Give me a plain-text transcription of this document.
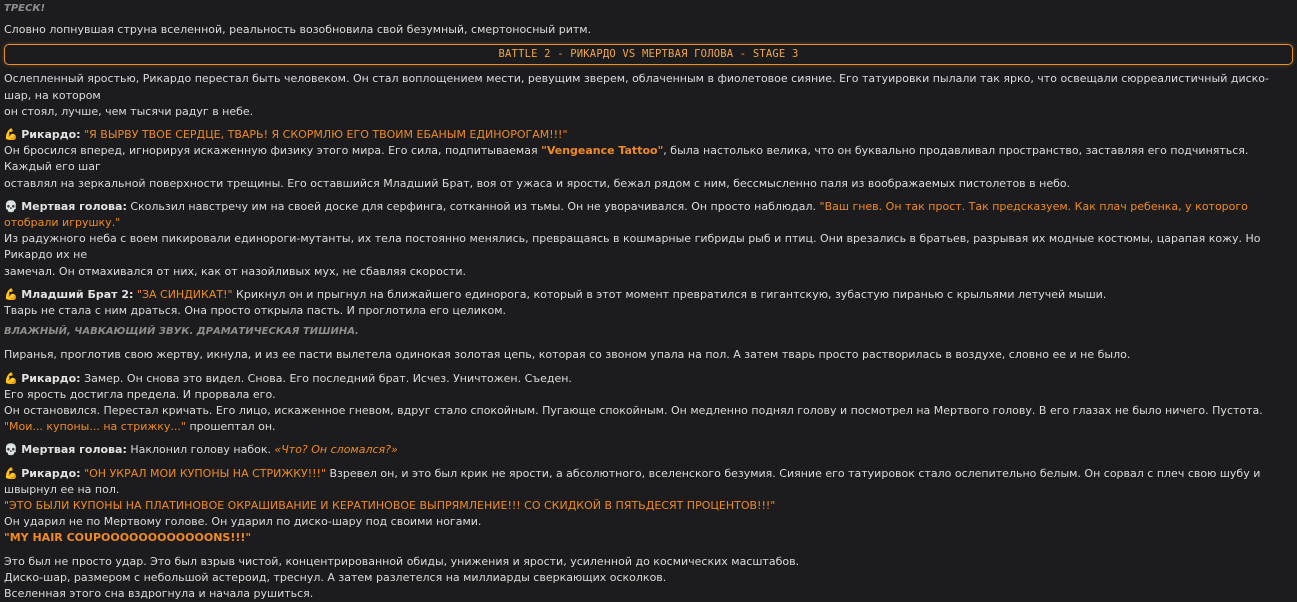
ТРЕСК!

Словно лопнувшая струна вселенной, реальность возобновила свой безумный, смертоносный ритм.

BATTLE 2 - РИКАРДО VS МЕРТВАЯ ГОЛОВА - STAGE 3

Ослепленный яростью, Рикардо перестал быть человеком. Он стал воплощением мести, ревущим зверем, облаченным в фиолетовое сияние. Его татуировки пылали так ярко, что освещали сюрреалистичный диско-шар, на котором

он стоял, лучше, чем тысячи радуг в небе.

💪 Рикардо: "Я ВЫРВУ ТВОЕ СЕРДЦЕ, ТВАРЬ! Я СКОРМЛЮ ЕГО ТВОИМ ЕБАНЫМ ЕДИНОРОГАМ!!!"

Он бросился вперед, игнорируя искаженную физику этого мира. Его сила, подпитываемая "Vengeance Tattoo", была настолько велика, что он буквально продавливал пространство, заставляя его подчиняться. Каждый его шаг

оставлял на зеркальной поверхности трещины. Его оставшийся Младший Брат, воя от ужаса и ярости, бежал рядом с ним, бессмысленно паля из воображаемых пистолетов в небо.

💀 Мертвая голова: Скользил навстречу им на своей доске для серфинга, сотканной из тьмы. Он не уворачивался. Он просто наблюдал. "Ваш гнев. Он так прост. Так предсказуем. Как плач ребенка, у которого отобрали игрушку."

Из радужного неба с воем пикировали единороги-мутанты, их тела постоянно менялись, превращаясь в кошмарные гибриды рыб и птиц. Они врезались в братьев, разрывая их модные костюмы, царапая кожу. Но Рикардо их не

замечал. Он отмахивался от них, как от назойливых мух, не сбавляя скорости.

💪 Младший Брат 2: "ЗА СИНДИКАТ!" Крикнул он и прыгнул на ближайшего единорога, который в этот момент превратился в гигантскую, зубастую пиранью с крыльями летучей мыши.

Тварь не стала с ним драться. Она просто открыла пасть. И проглотила его целиком.

ВЛАЖНЫЙ, ЧАВКАЮЩИЙ ЗВУК. ДРАМАТИЧЕСКАЯ ТИШИНА.

Пиранья, проглотив свою жертву, икнула, и из ее пасти вылетела одинокая золотая цепь, которая со звоном упала на пол. А затем тварь просто растворилась в воздухе, словно ее и не было.

💪 Рикардо: Замер. Он снова это видел. Снова. Его последний брат. Исчез. Уничтожен. Съеден.

Его ярость достигла предела. И прорвала его.

Он остановился. Перестал кричать. Его лицо, искаженное гневом, вдруг стало спокойным. Пугающе спокойным. Он медленно поднял голову и посмотрел на Мертвого голову. В его глазах не было ничего. Пустота.

"Мои... купоны... на стрижку..." прошептал он.

💀 Мертвая голова: Наклонил голову набок. «Что? Он сломался?»

💪 Рикардо: "ОН УКРАЛ МОИ КУПОНЫ НА СТРИЖКУ!!!" Взревел он, и это был крик не ярости, а абсолютного, вселенского безумия. Сияние его татуировок стало ослепительно белым. Он сорвал с плеч свою шубу и швырнул ее на пол.

"ЭТО БЫЛИ КУПОНЫ НА ПЛАТИНОВОЕ ОКРАШИВАНИЕ И КЕРАТИНОВОЕ ВЫПРЯМЛЕНИЕ!!! СО СКИДКОЙ В ПЯТЬДЕСЯТ ПРОЦЕНТОВ!!!"

Он ударил не по Мертвому голове. Он ударил по диско-шару под своими ногами.

"MY HAIR COUPOOOOOOOOOOOONS!!!"

Это был не просто удар. Это был взрыв чистой, концентрированной обиды, унижения и ярости, усиленной до космических масштабов.

Диско-шар, размером с небольшой астероид, треснул. А затем разлетелся на миллиарды сверкающих осколков.

Вселенная этого сна вздрогнула и начала рушиться.
